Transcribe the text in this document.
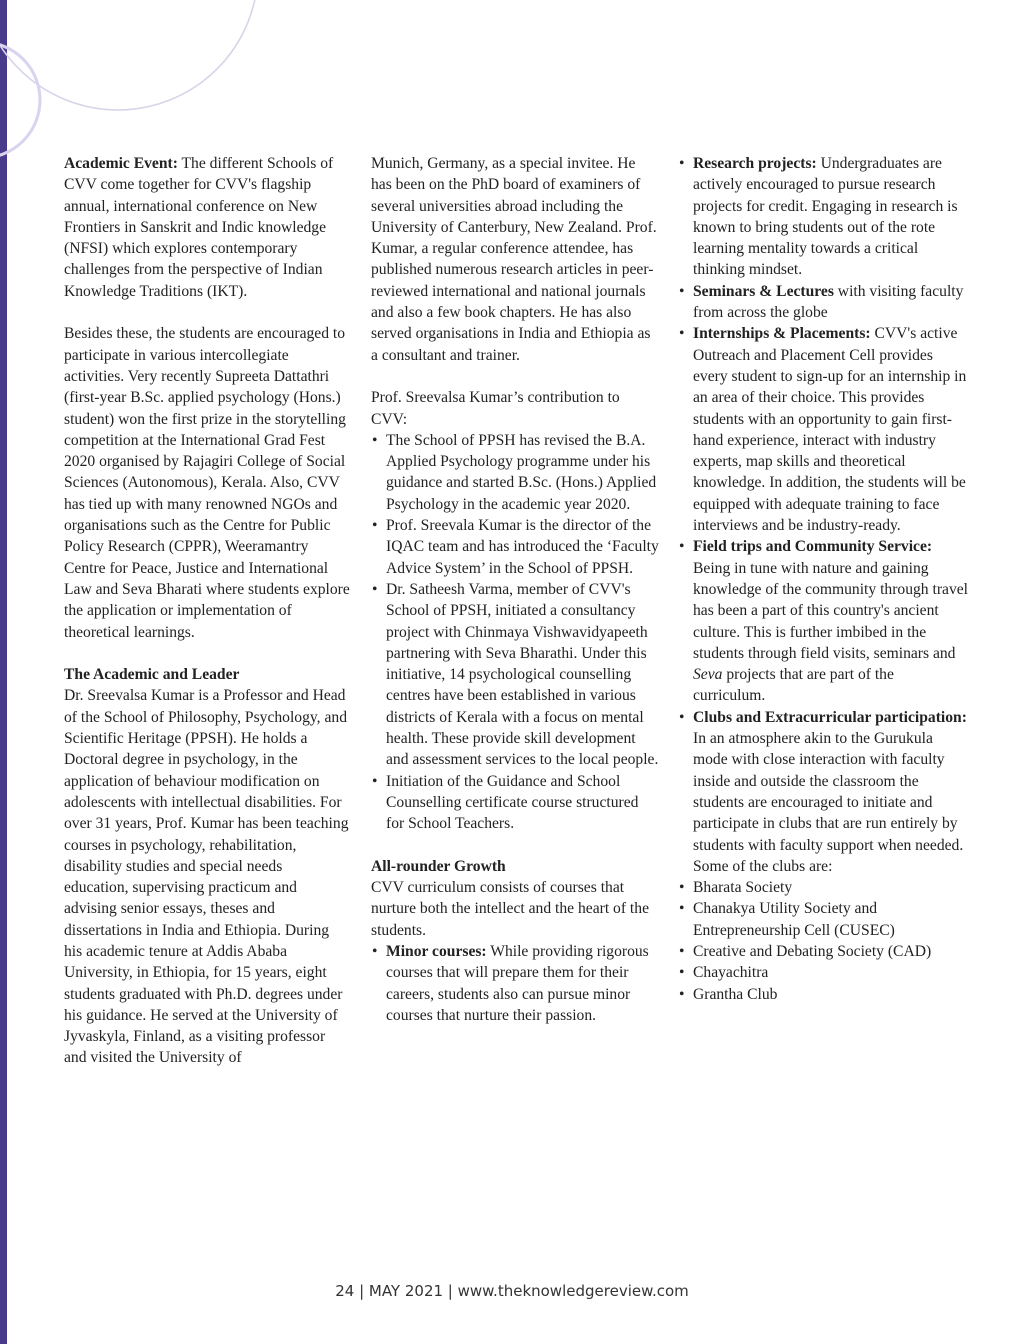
Academic Event: The different Schools of CVV come together for CVV's flagship annual, international conference on New Frontiers in Sanskrit and Indic knowledge (NFSI) which explores contemporary challenges from the perspective of Indian Knowledge Traditions (IKT).

Besides these, the students are encouraged to participate in various intercollegiate activities. Very recently Supreeta Dattathri (first-year B.Sc. applied psychology (Hons.) student) won the first prize in the storytelling competition at the International Grad Fest 2020 organised by Rajagiri College of Social Sciences (Autonomous), Kerala. Also, CVV has tied up with many renowned NGOs and organisations such as the Centre for Public Policy Research (CPPR), Weeramantry Centre for Peace, Justice and International Law and Seva Bharati where students explore the application or implementation of theoretical learnings.

The Academic and Leader

Dr. Sreevalsa Kumar is a Professor and Head of the School of Philosophy, Psychology, and Scientific Heritage (PPSH). He holds a Doctoral degree in psychology, in the application of behaviour modification on adolescents with intellectual disabilities. For over 31 years, Prof. Kumar has been teaching courses in psychology, rehabilitation, disability studies and special needs education, supervising practicum and advising senior essays, theses and dissertations in India and Ethiopia. During his academic tenure at Addis Ababa University, in Ethiopia, for 15 years, eight students graduated with Ph.D. degrees under his guidance. He served at the University of Jyvaskyla, Finland, as a visiting professor and visited the University of

Munich, Germany, as a special invitee. He has been on the PhD board of examiners of several universities abroad including the University of Canterbury, New Zealand. Prof. Kumar, a regular conference attendee, has published numerous research articles in peer-reviewed international and national journals and also a few book chapters. He has also served organisations in India and Ethiopia as a consultant and trainer.

Prof. Sreevalsa Kumar’s contribution to CVV:

• The School of PPSH has revised the B.A. Applied Psychology programme under his guidance and started B.Sc. (Hons.) Applied Psychology in the academic year 2020.
• Prof. Sreevala Kumar is the director of the IQAC team and has introduced the ‘Faculty Advice System’ in the School of PPSH.
• Dr. Satheesh Varma, member of CVV's School of PPSH, initiated a consultancy project with Chinmaya Vishwavidyapeeth partnering with Seva Bharathi. Under this initiative, 14 psychological counselling centres have been established in various districts of Kerala with a focus on mental health. These provide skill development and assessment services to the local people.
• Initiation of the Guidance and School Counselling certificate course structured for School Teachers.

All-rounder Growth

CVV curriculum consists of courses that nurture both the intellect and the heart of the students.

• Minor courses: While providing rigorous courses that will prepare them for their careers, students also can pursue minor courses that nurture their passion.
• Research projects: Undergraduates are actively encouraged to pursue research projects for credit. Engaging in research is known to bring students out of the rote learning mentality towards a critical thinking mindset.
• Seminars & Lectures with visiting faculty from across the globe
• Internships & Placements: CVV's active Outreach and Placement Cell provides every student to sign-up for an internship in an area of their choice. This provides students with an opportunity to gain first-hand experience, interact with industry experts, map skills and theoretical knowledge. In addition, the students will be equipped with adequate training to face interviews and be industry-ready.
• Field trips and Community Service: Being in tune with nature and gaining knowledge of the community through travel has been a part of this country's ancient culture. This is further imbibed in the students through field visits, seminars and Seva projects that are part of the curriculum.
• Clubs and Extracurricular participation: In an atmosphere akin to the Gurukula mode with close interaction with faculty inside and outside the classroom the students are encouraged to initiate and participate in clubs that are run entirely by students with faculty support when needed. Some of the clubs are:
• Bharata Society
• Chanakya Utility Society and Entrepreneurship Cell (CUSEC)
• Creative and Debating Society (CAD)
• Chayachitra
• Grantha Club
24 | MAY 2021 | www.theknowledgereview.com
